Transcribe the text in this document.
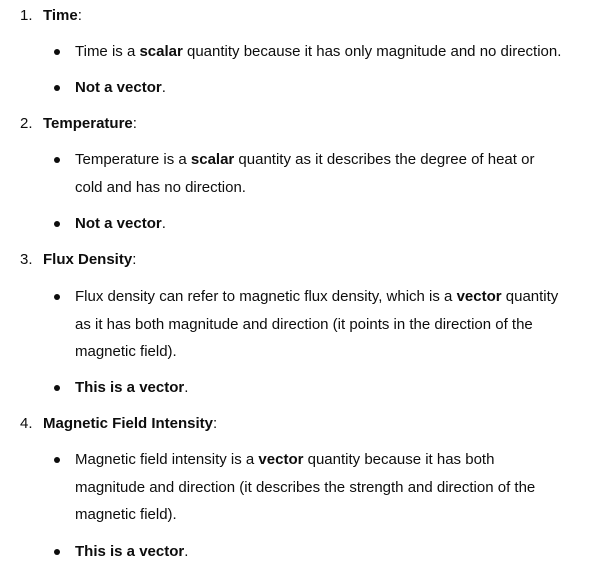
1. Time:
Time is a scalar quantity because it has only magnitude and no direction.
Not a vector.
2. Temperature:
Temperature is a scalar quantity as it describes the degree of heat or
cold and has no direction.
Not a vector.
3. Flux Density:
Flux density can refer to magnetic flux density, which is a vector quantity
as it has both magnitude and direction (it points in the direction of the
magnetic field).
This is a vector.
4. Magnetic Field Intensity:
Magnetic field intensity is a vector quantity because it has both
magnitude and direction (it describes the strength and direction of the
magnetic field).
This is a vector.
